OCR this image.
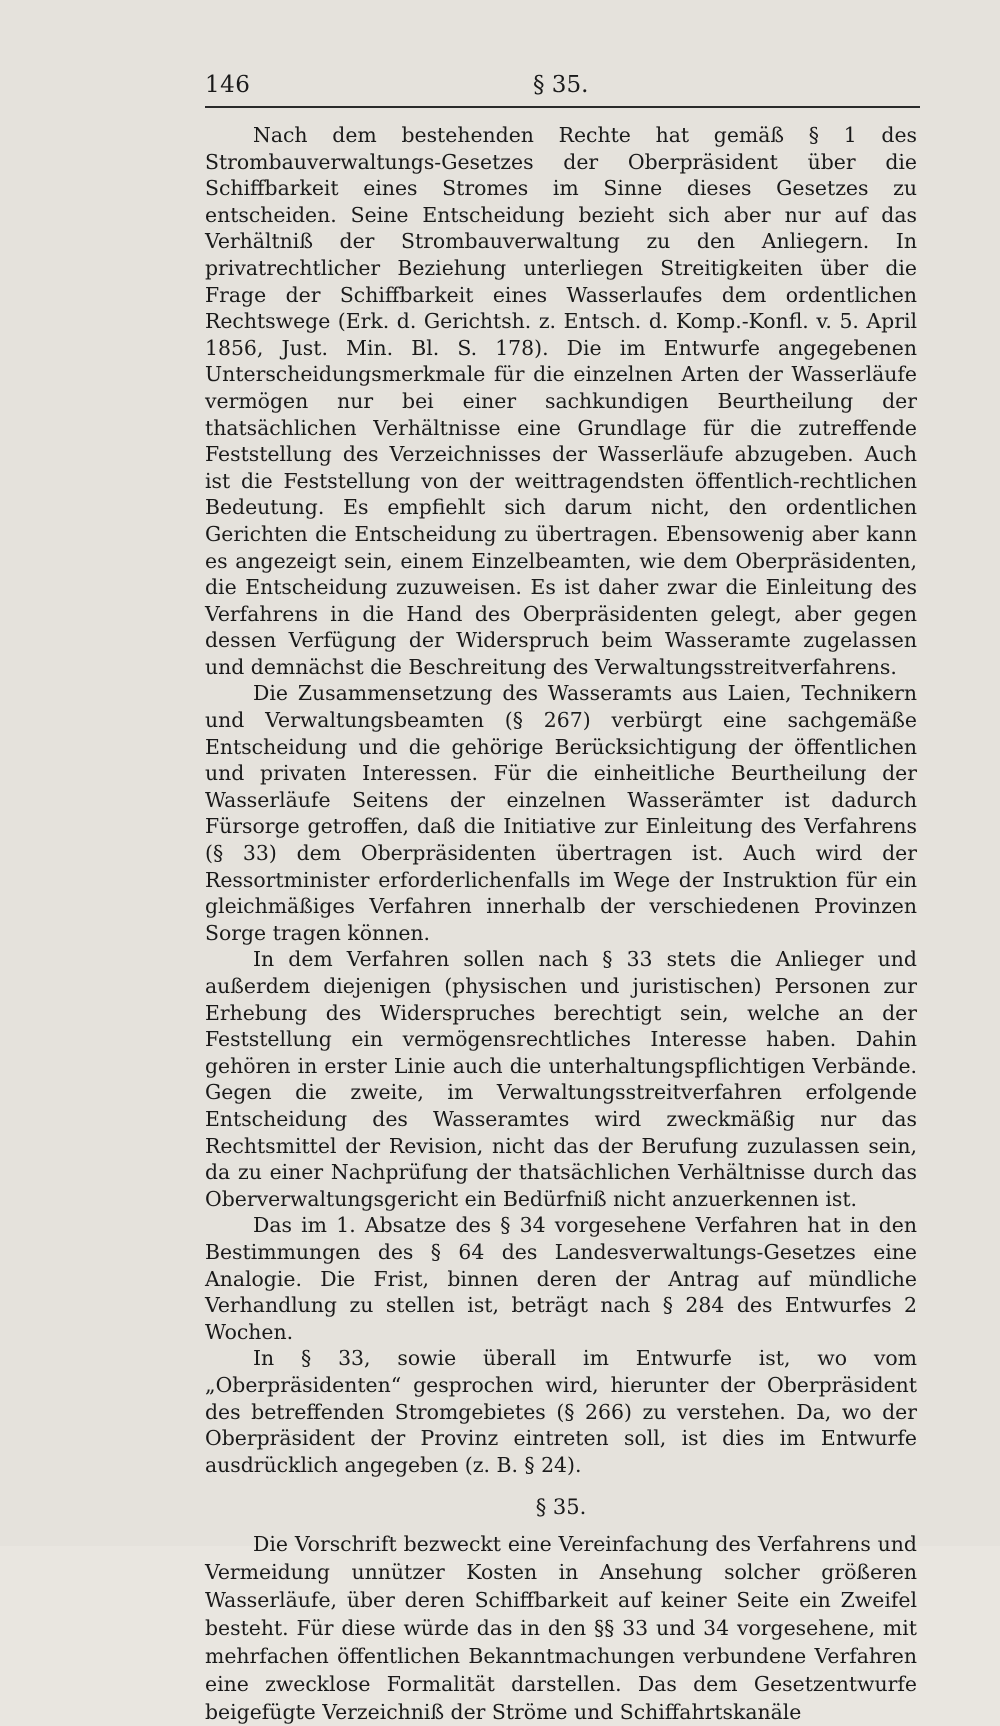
146	§ 35.

Nach dem bestehenden Rechte hat gemäß § 1 des Strombauverwaltungs-Gesetzes der Oberpräsident über die Schiffbarkeit eines Stromes im Sinne dieses Gesetzes zu entscheiden. Seine Entscheidung bezieht sich aber nur auf das Verhältniß der Strombauverwaltung zu den Anliegern. In privatrechtlicher Beziehung unterliegen Streitigkeiten über die Frage der Schiffbarkeit eines Wasserlaufes dem ordentlichen Rechtswege (Erk. d. Gerichtsh. z. Entsch. d. Komp.-Konfl. v. 5. April 1856, Just. Min. Bl. S. 178). Die im Entwurfe angegebenen Unterscheidungsmerkmale für die einzelnen Arten der Wasserläufe vermögen nur bei einer sachkundigen Beurtheilung der thatsächlichen Verhältnisse eine Grundlage für die zutreffende Feststellung des Verzeichnisses der Wasserläufe abzugeben. Auch ist die Feststellung von der weittragendsten öffentlich-rechtlichen Bedeutung. Es empfiehlt sich darum nicht, den ordentlichen Gerichten die Entscheidung zu übertragen. Ebensowenig aber kann es angezeigt sein, einem Einzelbeamten, wie dem Oberpräsidenten, die Entscheidung zuzuweisen. Es ist daher zwar die Einleitung des Verfahrens in die Hand des Oberpräsidenten gelegt, aber gegen dessen Verfügung der Widerspruch beim Wasseramte zugelassen und demnächst die Beschreitung des Verwaltungsstreitverfahrens.

Die Zusammensetzung des Wasseramts aus Laien, Technikern und Verwaltungsbeamten (§ 267) verbürgt eine sachgemäße Entscheidung und die gehörige Berücksichtigung der öffentlichen und privaten Interessen. Für die einheitliche Beurtheilung der Wasserläufe Seitens der einzelnen Wasserämter ist dadurch Fürsorge getroffen, daß die Initiative zur Einleitung des Verfahrens (§ 33) dem Oberpräsidenten übertragen ist. Auch wird der Ressortminister erforderlichenfalls im Wege der Instruktion für ein gleichmäßiges Verfahren innerhalb der verschiedenen Provinzen Sorge tragen können.

In dem Verfahren sollen nach § 33 stets die Anlieger und außerdem diejenigen (physischen und juristischen) Personen zur Erhebung des Widerspruches berechtigt sein, welche an der Feststellung ein vermögensrechtliches Interesse haben. Dahin gehören in erster Linie auch die unterhaltungspflichtigen Verbände. Gegen die zweite, im Verwaltungsstreitverfahren erfolgende Entscheidung des Wasseramtes wird zweckmäßig nur das Rechtsmittel der Revision, nicht das der Berufung zuzulassen sein, da zu einer Nachprüfung der thatsächlichen Verhältnisse durch das Oberverwaltungsgericht ein Bedürfniß nicht anzuerkennen ist.

Das im 1. Absatze des § 34 vorgesehene Verfahren hat in den Bestimmungen des § 64 des Landesverwaltungs-Gesetzes eine Analogie. Die Frist, binnen deren der Antrag auf mündliche Verhandlung zu stellen ist, beträgt nach § 284 des Entwurfes 2 Wochen.

In § 33, sowie überall im Entwurfe ist, wo vom „Oberpräsidenten“ gesprochen wird, hierunter der Oberpräsident des betreffenden Stromgebietes (§ 266) zu verstehen. Da, wo der Oberpräsident der Provinz eintreten soll, ist dies im Entwurfe ausdrücklich angegeben (z. B. § 24).

§ 35.

Die Vorschrift bezweckt eine Vereinfachung des Verfahrens und Vermeidung unnützer Kosten in Ansehung solcher größeren Wasserläufe, über deren Schiffbarkeit auf keiner Seite ein Zweifel besteht. Für diese würde das in den §§ 33 und 34 vorgesehene, mit mehrfachen öffentlichen Bekanntmachungen verbundene Verfahren eine zwecklose Formalität darstellen. Das dem Gesetzentwurfe beigefügte Verzeichniß der Ströme und Schiffahrtskanäle
